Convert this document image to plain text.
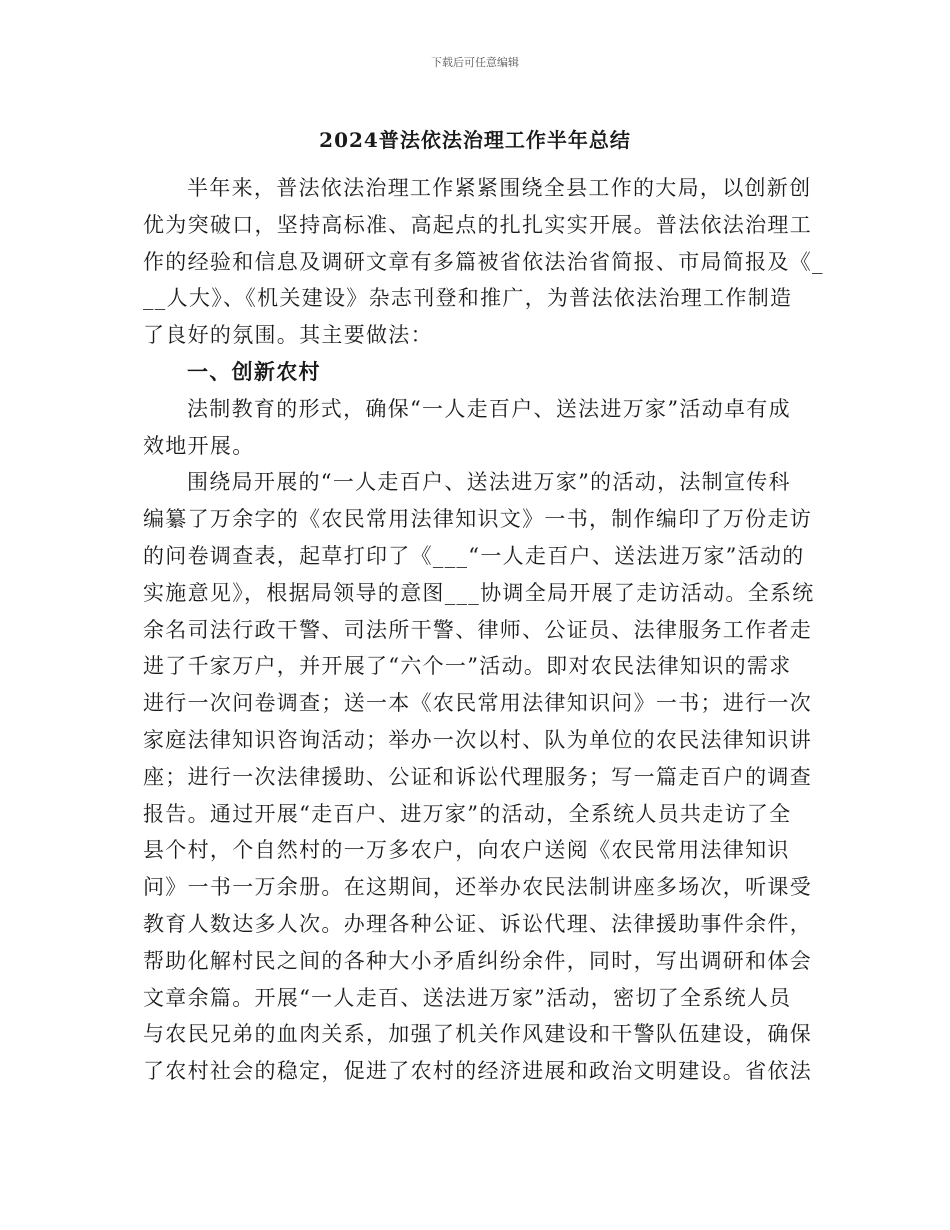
下载后可任意编辑
2024普法依法治理工作半年总结
半年来，普法依法治理工作紧紧围绕全县工作的大局，以创新创
优为突破口，坚持高标准、高起点的扎扎实实开展。普法依法治理工
作的经验和信息及调研文章有多篇被省依法治省简报、市局简报及《_
__人大》、《机关建设》杂志刊登和推广，为普法依法治理工作制造
了良好的氛围。其主要做法：
一、创新农村
法制教育的形式，确保“一人走百户、送法进万家”活动卓有成
效地开展。
围绕局开展的“一人走百户、送法进万家”的活动，法制宣传科
编纂了万余字的《农民常用法律知识文》一书，制作编印了万份走访
的问卷调查表，起草打印了《___“一人走百户、送法进万家”活动的
实施意见》，根据局领导的意图___协调全局开展了走访活动。全系统
余名司法行政干警、司法所干警、律师、公证员、法律服务工作者走
进了千家万户，并开展了“六个一”活动。即对农民法律知识的需求
进行一次问卷调查；送一本《农民常用法律知识问》一书；进行一次
家庭法律知识咨询活动；举办一次以村、队为单位的农民法律知识讲
座；进行一次法律援助、公证和诉讼代理服务；写一篇走百户的调查
报告。通过开展“走百户、进万家”的活动，全系统人员共走访了全
县个村，个自然村的一万多农户，向农户送阅《农民常用法律知识
问》一书一万余册。在这期间，还举办农民法制讲座多场次，听课受
教育人数达多人次。办理各种公证、诉讼代理、法律援助事件余件，
帮助化解村民之间的各种大小矛盾纠纷余件，同时，写出调研和体会
文章余篇。开展“一人走百、送法进万家”活动，密切了全系统人员
与农民兄弟的血肉关系，加强了机关作风建设和干警队伍建设，确保
了农村社会的稳定，促进了农村的经济进展和政治文明建设。省依法
